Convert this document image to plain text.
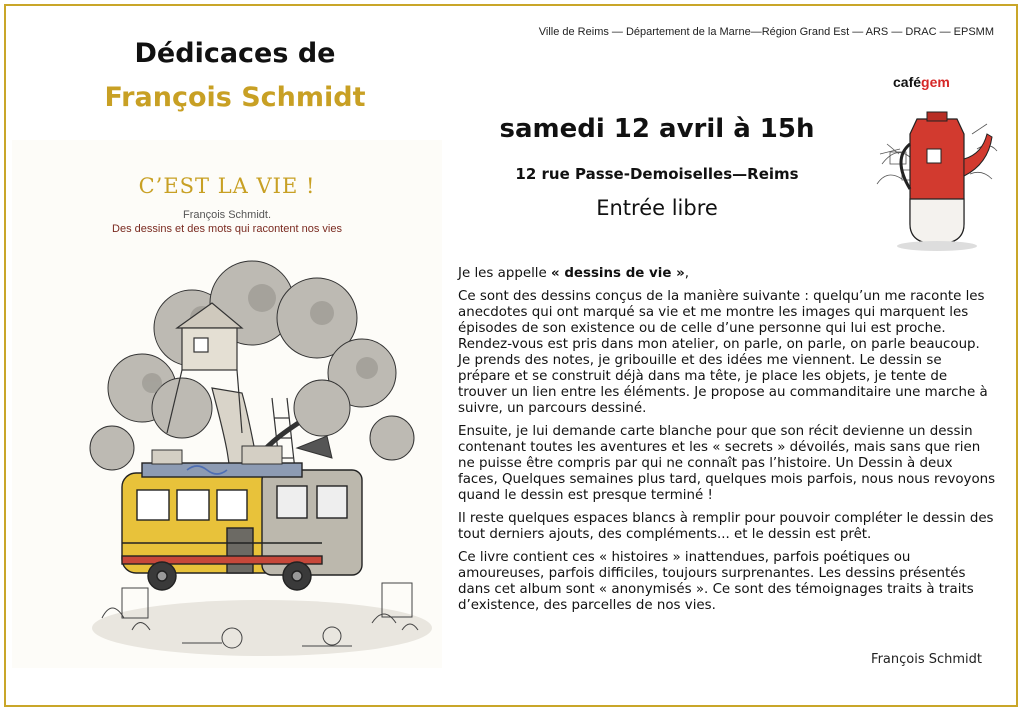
Dédicaces de
François Schmidt
C’EST LA VIE !
François Schmidt.
Des dessins et des mots qui racontent nos vies
Ville de Reims — Département de la Marne—Région Grand Est — ARS — DRAC — EPSMM
samedi 12 avril à 15h
12 rue Passe-Demoiselles—Reims
Entrée libre
cafégem

Je les appelle « dessins de vie »,

Ce sont des dessins conçus de la manière suivante : quelqu’un me raconte les anecdotes qui ont marqué sa vie et me montre les images qui marquent les épisodes de son existence ou de celle d’une personne qui lui est proche. Rendez-vous est pris dans mon atelier, on parle, on parle, on parle beaucoup. Je prends des notes, je gribouille et des idées me viennent. Le dessin se prépare et se construit déjà dans ma tête, je place les objets, je tente de trouver un lien entre les éléments. Je propose au commanditaire une marche à suivre, un parcours dessiné.

Ensuite, je lui demande carte blanche pour que son récit devienne un dessin contenant toutes les aventures et les « secrets » dévoilés, mais sans que rien ne puisse être compris par qui ne connaît pas l’histoire. Un Dessin à deux faces, Quelques semaines plus tard, quelques mois parfois, nous nous revoyons quand le dessin est presque terminé !

Il reste quelques espaces blancs à remplir pour pouvoir compléter le dessin des tout derniers ajouts, des compléments... et le dessin est prêt.

Ce livre contient ces « histoires » inattendues, parfois poétiques ou amoureuses, parfois difficiles, toujours surprenantes. Les dessins présentés dans cet album sont « anonymisés ». Ce sont des témoignages traits à traits d’existence, des parcelles de nos vies.

François Schmidt
